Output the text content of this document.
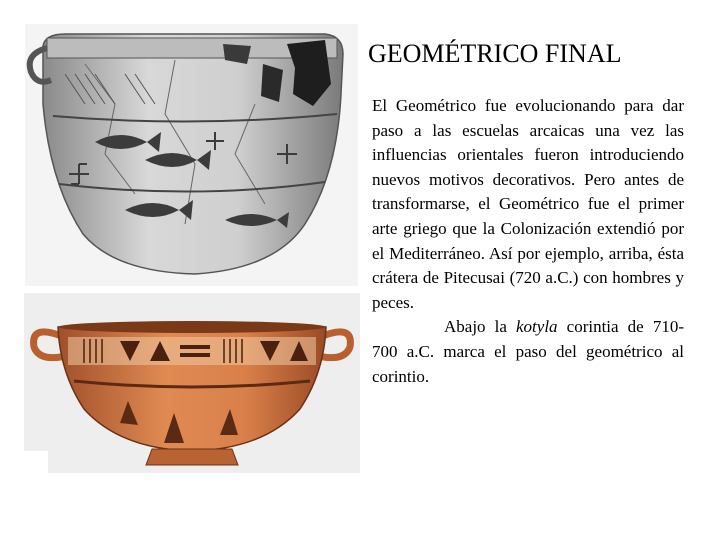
GEOMÉTRICO FINAL

El Geométrico fue evolucionando para dar paso a las escuelas arcaicas una vez las influencias orientales fueron introduciendo nuevos motivos decorativos. Pero antes de transformarse, el Geométrico fue el primer arte griego que la Colonización extendió por el Mediterráneo. Así por ejemplo, arriba, ésta crátera de Pitecusai (720 a.C.) con hombres y peces.

Abajo la kotyla corintia de 710-700 a.C. marca el paso del geométrico al corintio.
